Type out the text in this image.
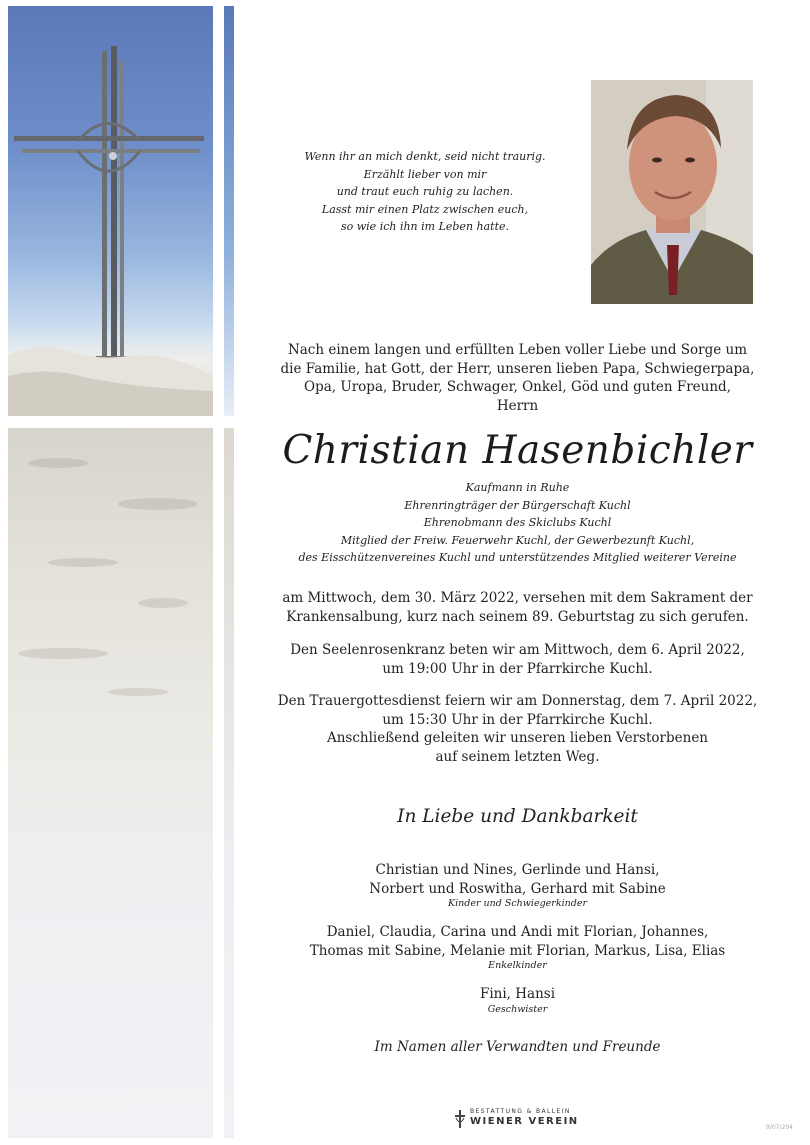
Wenn ihr an mich denkt, seid nicht traurig.
Erzählt lieber von mir
und traut euch ruhig zu lachen.
Lasst mir einen Platz zwischen euch,
so wie ich ihn im Leben hatte.
Nach einem langen und erfüllten Leben voller Liebe und Sorge um
die Familie, hat Gott, der Herr, unseren lieben Papa, Schwiegerpapa,
Opa, Uropa, Bruder, Schwager, Onkel, Göd und guten Freund,
Herrn
Christian Hasenbichler
Kaufmann in Ruhe
Ehrenringträger der Bürgerschaft Kuchl
Ehrenobmann des Skiclubs Kuchl
Mitglied der Freiw. Feuerwehr Kuchl, der Gewerbezunft Kuchl,
des Eisschützenvereines Kuchl und unterstützendes Mitglied weiterer Vereine
am Mittwoch, dem 30. März 2022, versehen mit dem Sakrament der
Krankensalbung, kurz nach seinem 89. Geburtstag zu sich gerufen.
Den Seelenrosenkranz beten wir am Mittwoch, dem 6. April 2022,
um 19:00 Uhr in der Pfarrkirche Kuchl.
Den Trauergottesdienst feiern wir am Donnerstag, dem 7. April 2022,
um 15:30 Uhr in der Pfarrkirche Kuchl.
Anschließend geleiten wir unseren lieben Verstorbenen
auf seinem letzten Weg.
In Liebe und Dankbarkeit
Christian und Nines, Gerlinde und Hansi,
Norbert und Roswitha, Gerhard mit Sabine
Kinder und Schwiegerkinder
Daniel, Claudia, Carina und Andi mit Florian, Johannes,
Thomas mit Sabine, Melanie mit Florian, Markus, Lisa, Elias
Enkelkinder
Fini, Hansi
Geschwister
Im Namen aller Verwandten und Freunde
BESTATTUNG & BALLEIN
WIENER VEREIN
9/07/204
